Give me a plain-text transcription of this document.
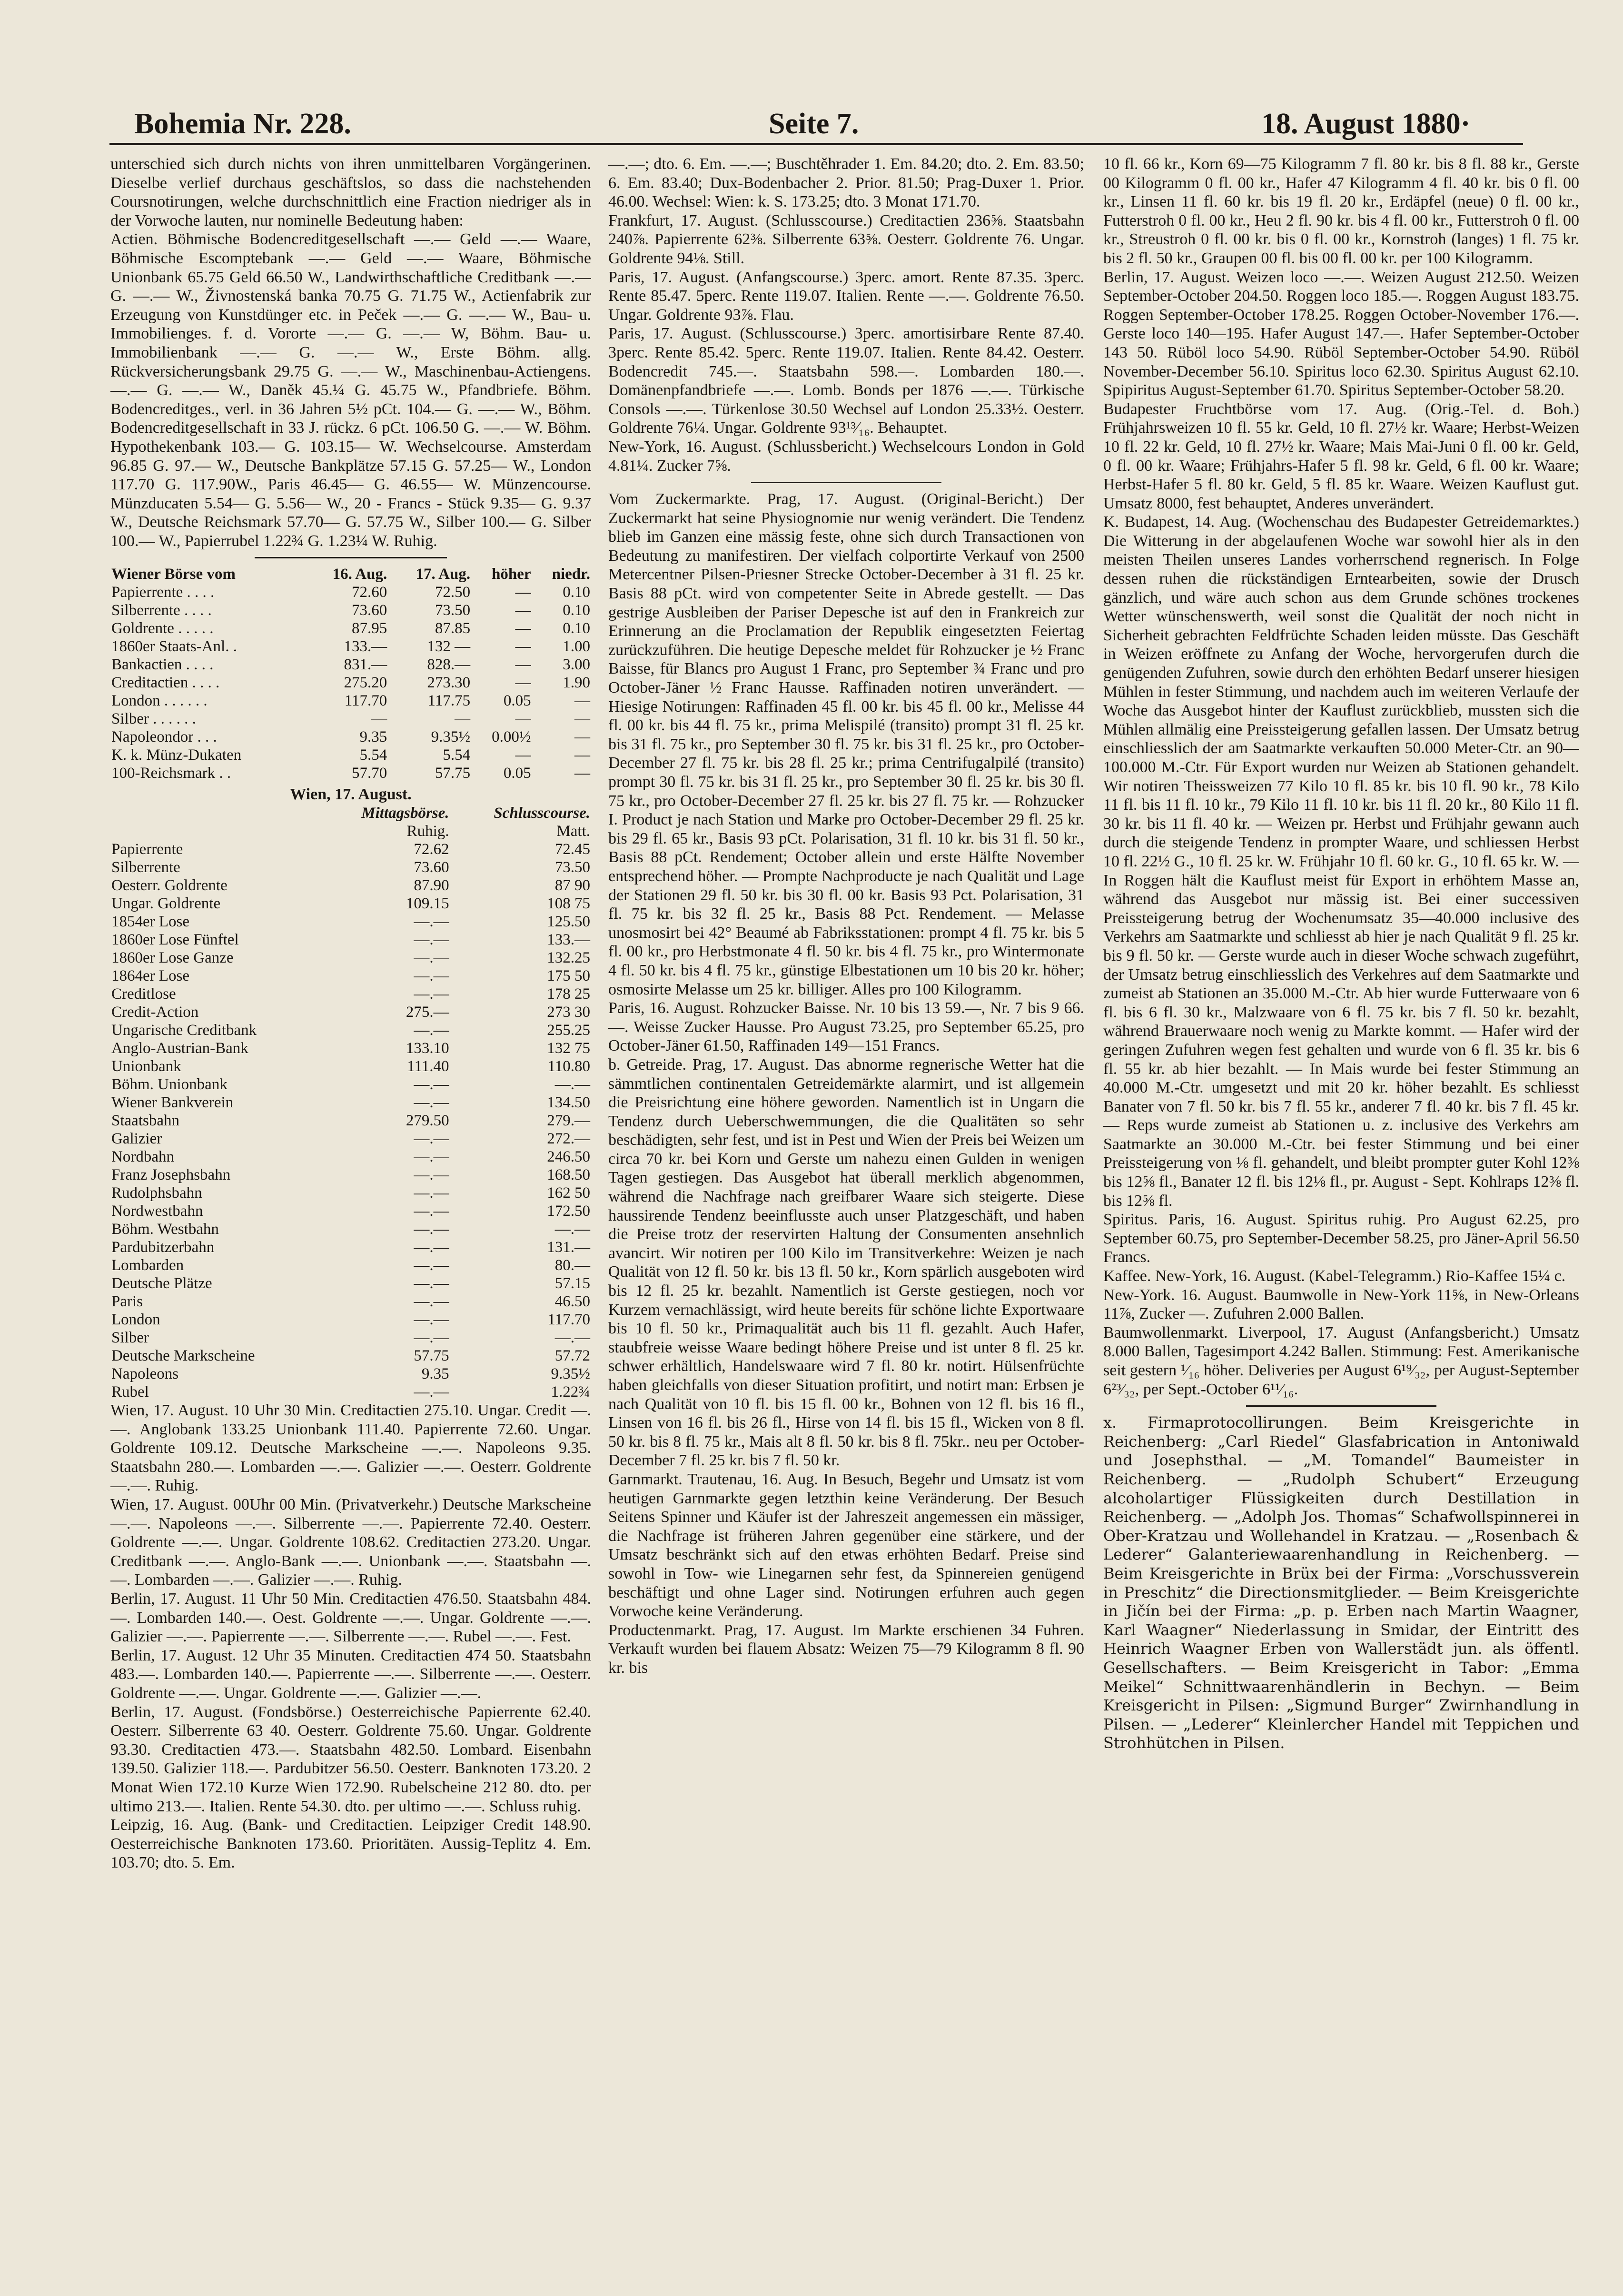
Bohemia Nr. 228.	Seite 7.	18. August 1880·

unterschied sich durch nichts von ihren unmittelbaren Vorgängerinen. Dieselbe verlief durchaus geschäftslos, so dass die nachstehenden Coursnotirungen, welche durchschnittlich eine Fraction niedriger als in der Vorwoche lauten, nur nominelle Bedeutung haben:

Actien. Böhmische Bodencreditgesellschaft —.— Geld —.— Waare, Böhmische Escomptebank —.— Geld —.— Waare, Böhmische Unionbank 65.75 Geld 66.50 W., Landwirthschaftliche Creditbank —.— G. —.— W., Živnostenská banka 70.75 G. 71.75 W., Actienfabrik zur Erzeugung von Kunstdünger etc. in Peček —.— G. —.— W., Bau- u. Immobilienges. f. d. Vororte —.— G. —.— W, Böhm. Bau- u. Immobilienbank —.— G. —.— W., Erste Böhm. allg. Rückversicherungsbank 29.75 G. —.— W., Maschinenbau-Actiengens. —.— G. —.— W., Daněk 45.¼ G. 45.75 W., Pfandbriefe. Böhm. Bodencreditges., verl. in 36 Jahren 5½ pCt. 104.— G. —.— W., Böhm. Bodencreditgesellschaft in 33 J. rückz. 6 pCt. 106.50 G. —.— W. Böhm. Hypothekenbank 103.— G. 103.15— W. Wechselcourse. Amsterdam 96.85 G. 97.— W., Deutsche Bankplätze 57.15 G. 57.25— W., London 117.70 G. 117.90W., Paris 46.45— G. 46.55— W. Münzencourse. Münzducaten 5.54— G. 5.56— W., 20 - Francs - Stück 9.35— G. 9.37 W., Deutsche Reichsmark 57.70— G. 57.75 W., Silber 100.— G. Silber 100.— W., Papierrubel 1.22¾ G. 1.23¼ W. Ruhig.

Wiener Börse vom	16. Aug.	17. Aug.	höher	niedr.
Papierrente . . . .	72.60	72.50	—	0.10
Silberrente . . . .	73.60	73.50	—	0.10
Goldrente . . . . .	87.95	87.85	—	0.10
1860er Staats-Anl. .	133.—	132 —	—	1.00
Bankactien . . . .	831.—	828.—	—	3.00
Creditactien . . . .	275.20	273.30	—	1.90
London . . . . . .	117.70	117.75	0.05	—
Silber . . . . . .	—	—	—	—
Napoleondor . . .	9.35	9.35½	0.00½	—
K. k. Münz-Dukaten	5.54	5.54	—	—
100-Reichsmark . .	57.70	57.75	0.05	—
Wien, 17. August.
	Mittagsbörse.	Schlusscourse.
	Ruhig.	Matt.
Papierrente	72.62	72.45
Silberrente	73.60	73.50
Oesterr. Goldrente	87.90	87 90
Ungar. Goldrente	109.15	108 75
1854er Lose	—.—	125.50
1860er Lose Fünftel	—.—	133.—
1860er Lose Ganze	—.—	132.25
1864er Lose	—.—	175 50
Creditlose	—.—	178 25
Credit-Action	275.—	273 30
Ungarische Creditbank	—.—	255.25
Anglo-Austrian-Bank	133.10	132 75
Unionbank	111.40	110.80
Böhm. Unionbank	—.—	—.—
Wiener Bankverein	—.—	134.50
Staatsbahn	279.50	279.—
Galizier	—.—	272.—
Nordbahn	—.—	246.50
Franz Josephsbahn	—.—	168.50
Rudolphsbahn	—.—	162 50
Nordwestbahn	—.—	172.50
Böhm. Westbahn	—.—	—.—
Pardubitzerbahn	—.—	131.—
Lombarden	—.—	80.—
Deutsche Plätze	—.—	57.15
Paris	—.—	46.50
London	—.—	117.70
Silber	—.—	—.—
Deutsche Markscheine	57.75	57.72
Napoleons	9.35	9.35½
Rubel	—.—	1.22¾

Wien, 17. August. 10 Uhr 30 Min. Creditactien 275.10. Ungar. Credit —.—. Anglobank 133.25 Unionbank 111.40. Papierrente 72.60. Ungar. Goldrente 109.12. Deutsche Markscheine —.—. Napoleons 9.35. Staatsbahn 280.—. Lombarden —.—. Galizier —.—. Oesterr. Goldrente —.—. Ruhig.

Wien, 17. August. 00Uhr 00 Min. (Privatverkehr.) Deutsche Markscheine —.—. Napoleons —.—. Silberrente —.—. Papierrente 72.40. Oesterr. Goldrente —.—. Ungar. Goldrente 108.62. Creditactien 273.20. Ungar. Creditbank —.—. Anglo-Bank —.—. Unionbank —.—. Staatsbahn —.—. Lombarden —.—. Galizier —.—. Ruhig.

Berlin, 17. August. 11 Uhr 50 Min. Creditactien 476.50. Staatsbahn 484.—. Lombarden 140.—. Oest. Goldrente —.—. Ungar. Goldrente —.—. Galizier —.—. Papierrente —.—. Silberrente —.—. Rubel —.—. Fest.

Berlin, 17. August. 12 Uhr 35 Minuten. Creditactien 474 50. Staatsbahn 483.—. Lombarden 140.—. Papierrente —.—. Silberrente —.—. Oesterr. Goldrente —.—. Ungar. Goldrente —.—. Galizier —.—.

Berlin, 17. August. (Fondsbörse.) Oesterreichische Papierrente 62.40. Oesterr. Silberrente 63 40. Oesterr. Goldrente 75.60. Ungar. Goldrente 93.30. Creditactien 473.—. Staatsbahn 482.50. Lombard. Eisenbahn 139.50. Galizier 118.—. Pardubitzer 56.50. Oesterr. Banknoten 173.20. 2 Monat Wien 172.10 Kurze Wien 172.90. Rubelscheine 212 80. dto. per ultimo 213.—. Italien. Rente 54.30. dto. per ultimo —.—. Schluss ruhig.

Leipzig, 16. Aug. (Bank- und Creditactien. Leipziger Credit 148.90. Oesterreichische Banknoten 173.60. Prioritäten. Aussig-Teplitz 4. Em. 103.70; dto. 5. Em.

—.—; dto. 6. Em. —.—; Buschtěhrader 1. Em. 84.20; dto. 2. Em. 83.50; 6. Em. 83.40; Dux-Bodenbacher 2. Prior. 81.50; Prag-Duxer 1. Prior. 46.00. Wechsel: Wien: k. S. 173.25; dto. 3 Monat 171.70.

Frankfurt, 17. August. (Schlusscourse.) Creditactien 236⅝. Staatsbahn 240⅞. Papierrente 62⅜. Silberrente 63⅝. Oesterr. Goldrente 76. Ungar. Goldrente 94⅛. Still.

Paris, 17. August. (Anfangscourse.) 3perc. amort. Rente 87.35. 3perc. Rente 85.47. 5perc. Rente 119.07. Italien. Rente —.—. Goldrente 76.50. Ungar. Goldrente 93⅞. Flau.

Paris, 17. August. (Schlusscourse.) 3perc. amortisirbare Rente 87.40. 3perc. Rente 85.42. 5perc. Rente 119.07. Italien. Rente 84.42. Oesterr. Bodencredit 745.—. Staatsbahn 598.—. Lombarden 180.—. Domänenpfandbriefe —.—. Lomb. Bonds per 1876 —.—. Türkische Consols —.—. Türkenlose 30.50 Wechsel auf London 25.33½. Oesterr. Goldrente 76¼. Ungar. Goldrente 93¹³⁄₁₆. Behauptet.

New-York, 16. August. (Schlussbericht.) Wechselcours London in Gold 4.81¼. Zucker 7⅝.

Vom Zuckermarkte. Prag, 17. August. (Original-Bericht.) Der Zuckermarkt hat seine Physiognomie nur wenig verändert. Die Tendenz blieb im Ganzen eine mässig feste, ohne sich durch Transactionen von Bedeutung zu manifestiren. Der vielfach colportirte Verkauf von 2500 Metercentner Pilsen-Priesner Strecke October-December à 31 fl. 25 kr. Basis 88 pCt. wird von competenter Seite in Abrede gestellt. — Das gestrige Ausbleiben der Pariser Depesche ist auf den in Frankreich zur Erinnerung an die Proclamation der Republik eingesetzten Feiertag zurückzuführen. Die heutige Depesche meldet für Rohzucker je ½ Franc Baisse, für Blancs pro August 1 Franc, pro September ¾ Franc und pro October-Jäner ½ Franc Hausse. Raffinaden notiren unverändert. — Hiesige Notirungen: Raffinaden 45 fl. 00 kr. bis 45 fl. 00 kr., Melisse 44 fl. 00 kr. bis 44 fl. 75 kr., prima Melispilé (transito) prompt 31 fl. 25 kr. bis 31 fl. 75 kr., pro September 30 fl. 75 kr. bis 31 fl. 25 kr., pro October-December 27 fl. 75 kr. bis 28 fl. 25 kr.; prima Centrifugalpilé (transito) prompt 30 fl. 75 kr. bis 31 fl. 25 kr., pro September 30 fl. 25 kr. bis 30 fl. 75 kr., pro October-December 27 fl. 25 kr. bis 27 fl. 75 kr. — Rohzucker I. Product je nach Station und Marke pro October-December 29 fl. 25 kr. bis 29 fl. 65 kr., Basis 93 pCt. Polarisation, 31 fl. 10 kr. bis 31 fl. 50 kr., Basis 88 pCt. Rendement; October allein und erste Hälfte November entsprechend höher. — Prompte Nachproducte je nach Qualität und Lage der Stationen 29 fl. 50 kr. bis 30 fl. 00 kr. Basis 93 Pct. Polarisation, 31 fl. 75 kr. bis 32 fl. 25 kr., Basis 88 Pct. Rendement. — Melasse unosmosirt bei 42° Beaumé ab Fabriksstationen: prompt 4 fl. 75 kr. bis 5 fl. 00 kr., pro Herbstmonate 4 fl. 50 kr. bis 4 fl. 75 kr., pro Wintermonate 4 fl. 50 kr. bis 4 fl. 75 kr., günstige Elbestationen um 10 bis 20 kr. höher; osmosirte Melasse um 25 kr. billiger. Alles pro 100 Kilogramm.

Paris, 16. August. Rohzucker Baisse. Nr. 10 bis 13 59.—, Nr. 7 bis 9 66.—. Weisse Zucker Hausse. Pro August 73.25, pro September 65.25, pro October-Jäner 61.50, Raffinaden 149—151 Francs.

b. Getreide. Prag, 17. August. Das abnorme regnerische Wetter hat die sämmtlichen continentalen Getreidemärkte alarmirt, und ist allgemein die Preisrichtung eine höhere geworden. Namentlich ist in Ungarn die Tendenz durch Ueberschwemmungen, die die Qualitäten so sehr beschädigten, sehr fest, und ist in Pest und Wien der Preis bei Weizen um circa 70 kr. bei Korn und Gerste um nahezu einen Gulden in wenigen Tagen gestiegen. Das Ausgebot hat überall merklich abgenommen, während die Nachfrage nach greifbarer Waare sich steigerte. Diese haussirende Tendenz beeinflusste auch unser Platzgeschäft, und haben die Preise trotz der reservirten Haltung der Consumenten ansehnlich avancirt. Wir notiren per 100 Kilo im Transitverkehre: Weizen je nach Qualität von 12 fl. 50 kr. bis 13 fl. 50 kr., Korn spärlich ausgeboten wird bis 12 fl. 25 kr. bezahlt. Namentlich ist Gerste gestiegen, noch vor Kurzem vernachlässigt, wird heute bereits für schöne lichte Exportwaare bis 10 fl. 50 kr., Primaqualität auch bis 11 fl. gezahlt. Auch Hafer, staubfreie weisse Waare bedingt höhere Preise und ist unter 8 fl. 25 kr. schwer erhältlich, Handelswaare wird 7 fl. 80 kr. notirt. Hülsenfrüchte haben gleichfalls von dieser Situation profitirt, und notirt man: Erbsen je nach Qualität von 10 fl. bis 15 fl. 00 kr., Bohnen von 12 fl. bis 16 fl., Linsen von 16 fl. bis 26 fl., Hirse von 14 fl. bis 15 fl., Wicken von 8 fl. 50 kr. bis 8 fl. 75 kr., Mais alt 8 fl. 50 kr. bis 8 fl. 75kr.. neu per October-December 7 fl. 25 kr. bis 7 fl. 50 kr.

Garnmarkt. Trautenau, 16. Aug. In Besuch, Begehr und Umsatz ist vom heutigen Garnmarkte gegen letzthin keine Veränderung. Der Besuch Seitens Spinner und Käufer ist der Jahreszeit angemessen ein mässiger, die Nachfrage ist früheren Jahren gegenüber eine stärkere, und der Umsatz beschränkt sich auf den etwas erhöhten Bedarf. Preise sind sowohl in Tow- wie Linegarnen sehr fest, da Spinnereien genügend beschäftigt und ohne Lager sind. Notirungen erfuhren auch gegen Vorwoche keine Veränderung.

Productenmarkt. Prag, 17. August. Im Markte erschienen 34 Fuhren. Verkauft wurden bei flauem Absatz: Weizen 75—79 Kilogramm 8 fl. 90 kr. bis

10 fl. 66 kr., Korn 69—75 Kilogramm 7 fl. 80 kr. bis 8 fl. 88 kr., Gerste 00 Kilogramm 0 fl. 00 kr., Hafer 47 Kilogramm 4 fl. 40 kr. bis 0 fl. 00 kr., Linsen 11 fl. 60 kr. bis 19 fl. 20 kr., Erdäpfel (neue) 0 fl. 00 kr., Futterstroh 0 fl. 00 kr., Heu 2 fl. 90 kr. bis 4 fl. 00 kr., Futterstroh 0 fl. 00 kr., Streustroh 0 fl. 00 kr. bis 0 fl. 00 kr., Kornstroh (langes) 1 fl. 75 kr. bis 2 fl. 50 kr., Graupen 00 fl. bis 00 fl. 00 kr. per 100 Kilogramm.

Berlin, 17. August. Weizen loco —.—. Weizen August 212.50. Weizen September-October 204.50. Roggen loco 185.—. Roggen August 183.75. Roggen September-October 178.25. Roggen October-November 176.—. Gerste loco 140—195. Hafer August 147.—. Hafer September-October 143 50. Rüböl loco 54.90. Rüböl September-October 54.90. Rüböl November-December 56.10. Spiritus loco 62.30. Spiritus August 62.10. Spipiritus August-September 61.70. Spiritus September-October 58.20.

Budapester Fruchtbörse vom 17. Aug. (Orig.-Tel. d. Boh.) Frühjahrsweizen 10 fl. 55 kr. Geld, 10 fl. 27½ kr. Waare; Herbst-Weizen 10 fl. 22 kr. Geld, 10 fl. 27½ kr. Waare; Mais Mai-Juni 0 fl. 00 kr. Geld, 0 fl. 00 kr. Waare; Frühjahrs-Hafer 5 fl. 98 kr. Geld, 6 fl. 00 kr. Waare; Herbst-Hafer 5 fl. 80 kr. Geld, 5 fl. 85 kr. Waare. Weizen Kauflust gut. Umsatz 8000, fest behauptet, Anderes unverändert.

K. Budapest, 14. Aug. (Wochenschau des Budapester Getreidemarktes.) Die Witterung in der abgelaufenen Woche war sowohl hier als in den meisten Theilen unseres Landes vorherrschend regnerisch. In Folge dessen ruhen die rückständigen Erntearbeiten, sowie der Drusch gänzlich, und wäre auch schon aus dem Grunde schönes trockenes Wetter wünschenswerth, weil sonst die Qualität der noch nicht in Sicherheit gebrachten Feldfrüchte Schaden leiden müsste. Das Geschäft in Weizen eröffnete zu Anfang der Woche, hervorgerufen durch die genügenden Zufuhren, sowie durch den erhöhten Bedarf unserer hiesigen Mühlen in fester Stimmung, und nachdem auch im weiteren Verlaufe der Woche das Ausgebot hinter der Kauflust zurückblieb, mussten sich die Mühlen allmälig eine Preissteigerung gefallen lassen. Der Umsatz betrug einschliesslich der am Saatmarkte verkauften 50.000 Meter-Ctr. an 90—100.000 M.-Ctr. Für Export wurden nur Weizen ab Stationen gehandelt. Wir notiren Theissweizen 77 Kilo 10 fl. 85 kr. bis 10 fl. 90 kr., 78 Kilo 11 fl. bis 11 fl. 10 kr., 79 Kilo 11 fl. 10 kr. bis 11 fl. 20 kr., 80 Kilo 11 fl. 30 kr. bis 11 fl. 40 kr. — Weizen pr. Herbst und Frühjahr gewann auch durch die steigende Tendenz in prompter Waare, und schliessen Herbst 10 fl. 22½ G., 10 fl. 25 kr. W. Frühjahr 10 fl. 60 kr. G., 10 fl. 65 kr. W. — In Roggen hält die Kauflust meist für Export in erhöhtem Masse an, während das Ausgebot nur mässig ist. Bei einer successiven Preissteigerung betrug der Wochenumsatz 35—40.000 inclusive des Verkehrs am Saatmarkte und schliesst ab hier je nach Qualität 9 fl. 25 kr. bis 9 fl. 50 kr. — Gerste wurde auch in dieser Woche schwach zugeführt, der Umsatz betrug einschliesslich des Verkehres auf dem Saatmarkte und zumeist ab Stationen an 35.000 M.-Ctr. Ab hier wurde Futterwaare von 6 fl. bis 6 fl. 30 kr., Malzwaare von 6 fl. 75 kr. bis 7 fl. 50 kr. bezahlt, während Brauerwaare noch wenig zu Markte kommt. — Hafer wird der geringen Zufuhren wegen fest gehalten und wurde von 6 fl. 35 kr. bis 6 fl. 55 kr. ab hier bezahlt. — In Mais wurde bei fester Stimmung an 40.000 M.-Ctr. umgesetzt und mit 20 kr. höher bezahlt. Es schliesst Banater von 7 fl. 50 kr. bis 7 fl. 55 kr., anderer 7 fl. 40 kr. bis 7 fl. 45 kr. — Reps wurde zumeist ab Stationen u. z. inclusive des Verkehrs am Saatmarkte an 30.000 M.-Ctr. bei fester Stimmung und bei einer Preissteigerung von ⅛ fl. gehandelt, und bleibt prompter guter Kohl 12⅜ bis 12⅝ fl., Banater 12 fl. bis 12⅛ fl., pr. August - Sept. Kohlraps 12⅜ fl. bis 12⅝ fl.

Spiritus. Paris, 16. August. Spiritus ruhig. Pro August 62.25, pro September 60.75, pro September-December 58.25, pro Jäner-April 56.50 Francs.

Kaffee. New-York, 16. August. (Kabel-Telegramm.) Rio-Kaffee 15¼ c.

New-York. 16. August. Baumwolle in New-York 11⅝, in New-Orleans 11⅞, Zucker —. Zufuhren 2.000 Ballen.

Baumwollenmarkt. Liverpool, 17. August (Anfangsbericht.) Umsatz 8.000 Ballen, Tagesimport 4.242 Ballen. Stimmung: Fest. Amerikanische seit gestern ¹⁄₁₆ höher. Deliveries per August 6¹⁹⁄₃₂, per August-September 6²³⁄₃₂, per Sept.-October 6¹¹⁄₁₆.

x. Firmaprotocollirungen. Beim Kreisgerichte in Reichenberg: „Carl Riedel“ Glasfabrication in Antoniwald und Josephsthal. — „M. Tomandel“ Baumeister in Reichenberg. — „Rudolph Schubert“ Erzeugung alcoholartiger Flüssigkeiten durch Destillation in Reichenberg. — „Adolph Jos. Thomas“ Schafwollspinnerei in Ober-Kratzau und Wollehandel in Kratzau. — „Rosenbach & Lederer“ Galanteriewaarenhandlung in Reichenberg. — Beim Kreisgerichte in Brüx bei der Firma: „Vorschussverein in Preschitz“ die Directionsmitglieder. — Beim Kreisgerichte in Jičín bei der Firma: „p. p. Erben nach Martin Waagner, Karl Waagner“ Niederlassung in Smidar, der Eintritt des Heinrich Waagner Erben von Wallerstädt jun. als öffentl. Gesellschafters. — Beim Kreisgericht in Tabor: „Emma Meikel“ Schnittwaarenhändlerin in Bechyn. — Beim Kreisgericht in Pilsen: „Sigmund Burger“ Zwirnhandlung in Pilsen. — „Lederer“ Kleinlercher Handel mit Teppichen und Strohhütchen in Pilsen.
